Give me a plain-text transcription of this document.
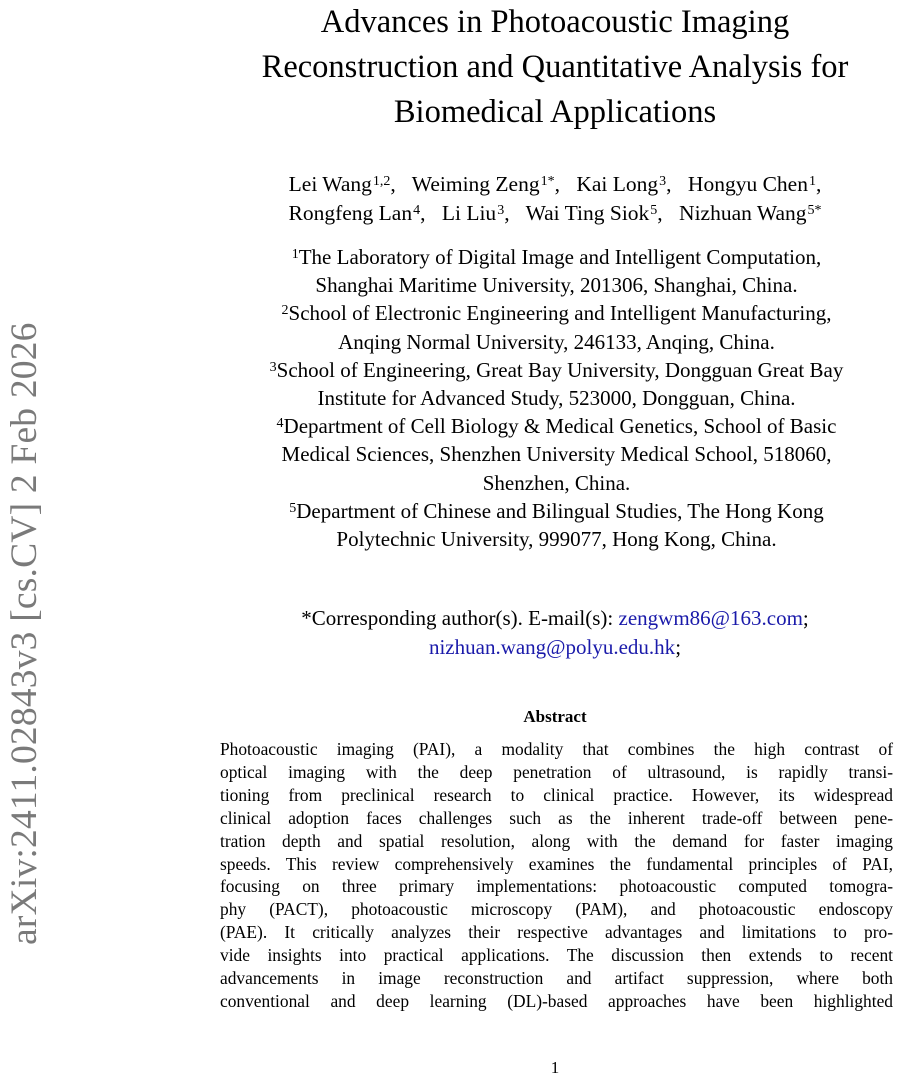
arXiv:2411.02843v3 [cs.CV] 2 Feb 2026
Advances in Photoacoustic Imaging
Reconstruction and Quantitative Analysis for
Biomedical Applications
Lei Wang$^{1,2}$, Weiming Zeng$^{1*}$, Kai Long$^3$, Hongyu Chen$^1$,
Rongfeng Lan$^4$, Li Liu$^3$, Wai Ting Siok$^5$, Nizhuan Wang$^{5*}$
$^1$The Laboratory of Digital Image and Intelligent Computation,
Shanghai Maritime University, 201306, Shanghai, China.
$^2$School of Electronic Engineering and Intelligent Manufacturing,
Anqing Normal University, 246133, Anqing, China.
$^3$School of Engineering, Great Bay University, Dongguan Great Bay
Institute for Advanced Study, 523000, Dongguan, China.
$^4$Department of Cell Biology & Medical Genetics, School of Basic
Medical Sciences, Shenzhen University Medical School, 518060,
Shenzhen, China.
$^5$Department of Chinese and Bilingual Studies, The Hong Kong
Polytechnic University, 999077, Hong Kong, China.
*Corresponding author(s). E-mail(s): zengwm86@163.com;
nizhuan.wang@polyu.edu.hk;
Abstract
Photoacoustic imaging (PAI), a modality that combines the high contrast of
optical imaging with the deep penetration of ultrasound, is rapidly transi-
tioning from preclinical research to clinical practice. However, its widespread
clinical adoption faces challenges such as the inherent trade-off between pene-
tration depth and spatial resolution, along with the demand for faster imaging
speeds. This review comprehensively examines the fundamental principles of PAI,
focusing on three primary implementations: photoacoustic computed tomogra-
phy (PACT), photoacoustic microscopy (PAM), and photoacoustic endoscopy
(PAE). It critically analyzes their respective advantages and limitations to pro-
vide insights into practical applications. The discussion then extends to recent
advancements in image reconstruction and artifact suppression, where both
conventional and deep learning (DL)-based approaches have been highlighted
1
